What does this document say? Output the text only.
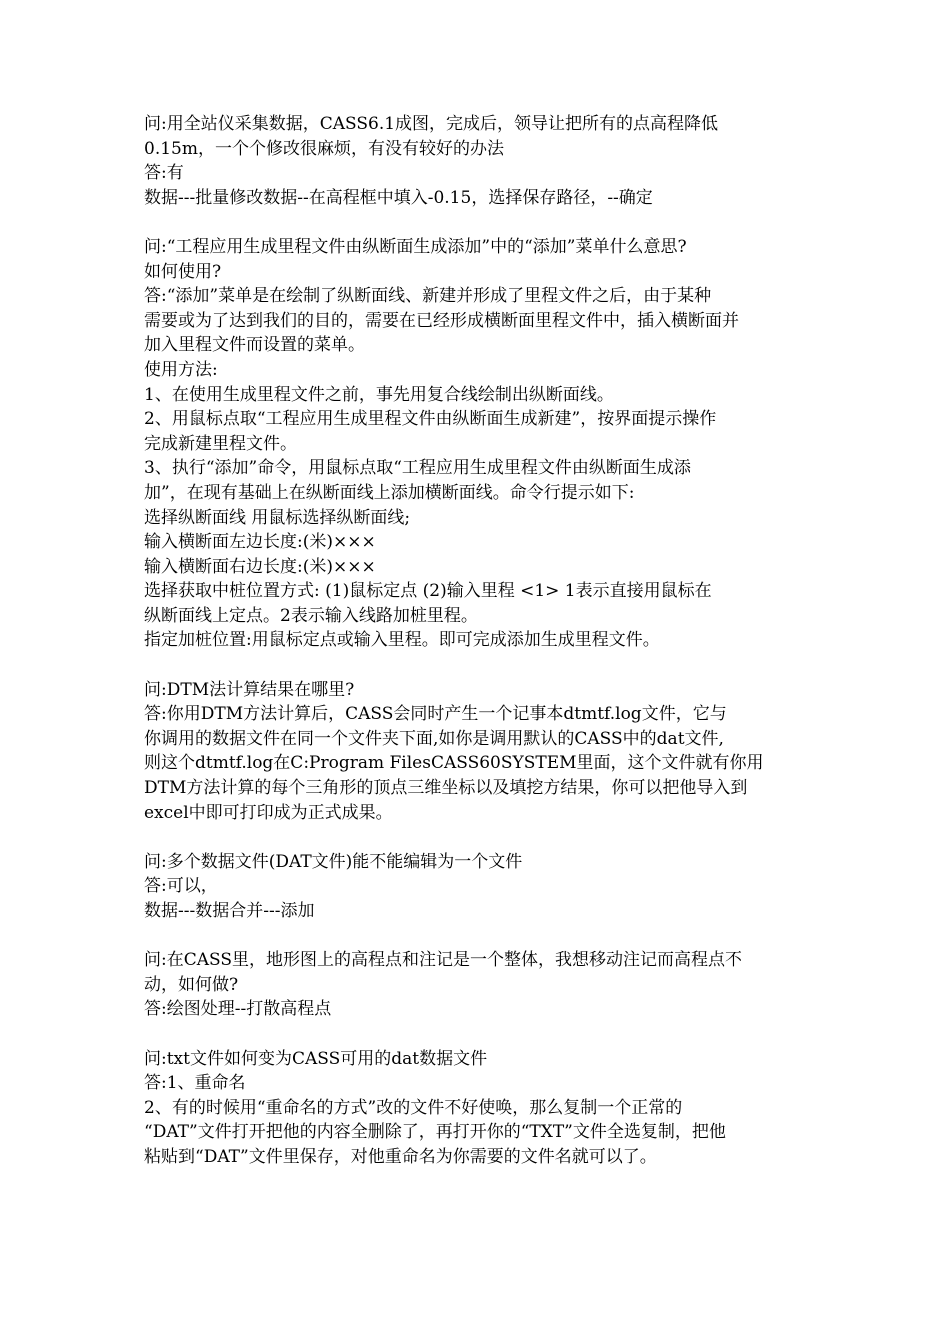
问:用全站仪采集数据，CASS6.1成图，完成后，领导让把所有的点高程降低
0.15m，一个个修改很麻烦，有没有较好的办法
答:有
数据---批量修改数据--在高程框中填入-0.15，选择保存路径，--确定
问:“工程应用生成里程文件由纵断面生成添加”中的“添加”菜单什么意思?
如何使用?
答:“添加”菜单是在绘制了纵断面线、新建并形成了里程文件之后，由于某种
需要或为了达到我们的目的，需要在已经形成横断面里程文件中，插入横断面并
加入里程文件而设置的菜单。
使用方法:
1、在使用生成里程文件之前，事先用复合线绘制出纵断面线。
2、用鼠标点取“工程应用生成里程文件由纵断面生成新建”，按界面提示操作
完成新建里程文件。
3、执行“添加”命令，用鼠标点取“工程应用生成里程文件由纵断面生成添
加”，在现有基础上在纵断面线上添加横断面线。命令行提示如下:
选择纵断面线 用鼠标选择纵断面线;
输入横断面左边长度:(米)×××
输入横断面右边长度:(米)×××
选择获取中桩位置方式: (1)鼠标定点 (2)输入里程 <1> 1表示直接用鼠标在
纵断面线上定点。2表示输入线路加桩里程。
指定加桩位置:用鼠标定点或输入里程。即可完成添加生成里程文件。
问:DTM法计算结果在哪里?
答:你用DTM方法计算后，CASS会同时产生一个记事本dtmtf.log文件，它与
你调用的数据文件在同一个文件夹下面,如你是调用默认的CASS中的dat文件,
则这个dtmtf.log在C:Program FilesCASS60SYSTEM里面，这个文件就有你用
DTM方法计算的每个三角形的顶点三维坐标以及填挖方结果，你可以把他导入到
excel中即可打印成为正式成果。
问:多个数据文件(DAT文件)能不能编辑为一个文件
答:可以，
数据---数据合并---添加
问:在CASS里，地形图上的高程点和注记是一个整体，我想移动注记而高程点不
动，如何做?
答:绘图处理--打散高程点
问:txt文件如何变为CASS可用的dat数据文件
答:1、重命名
2、有的时候用“重命名的方式”改的文件不好使唤，那么复制一个正常的
“DAT”文件打开把他的内容全删除了，再打开你的“TXT”文件全选复制，把他
粘贴到“DAT”文件里保存，对他重命名为你需要的文件名就可以了。
